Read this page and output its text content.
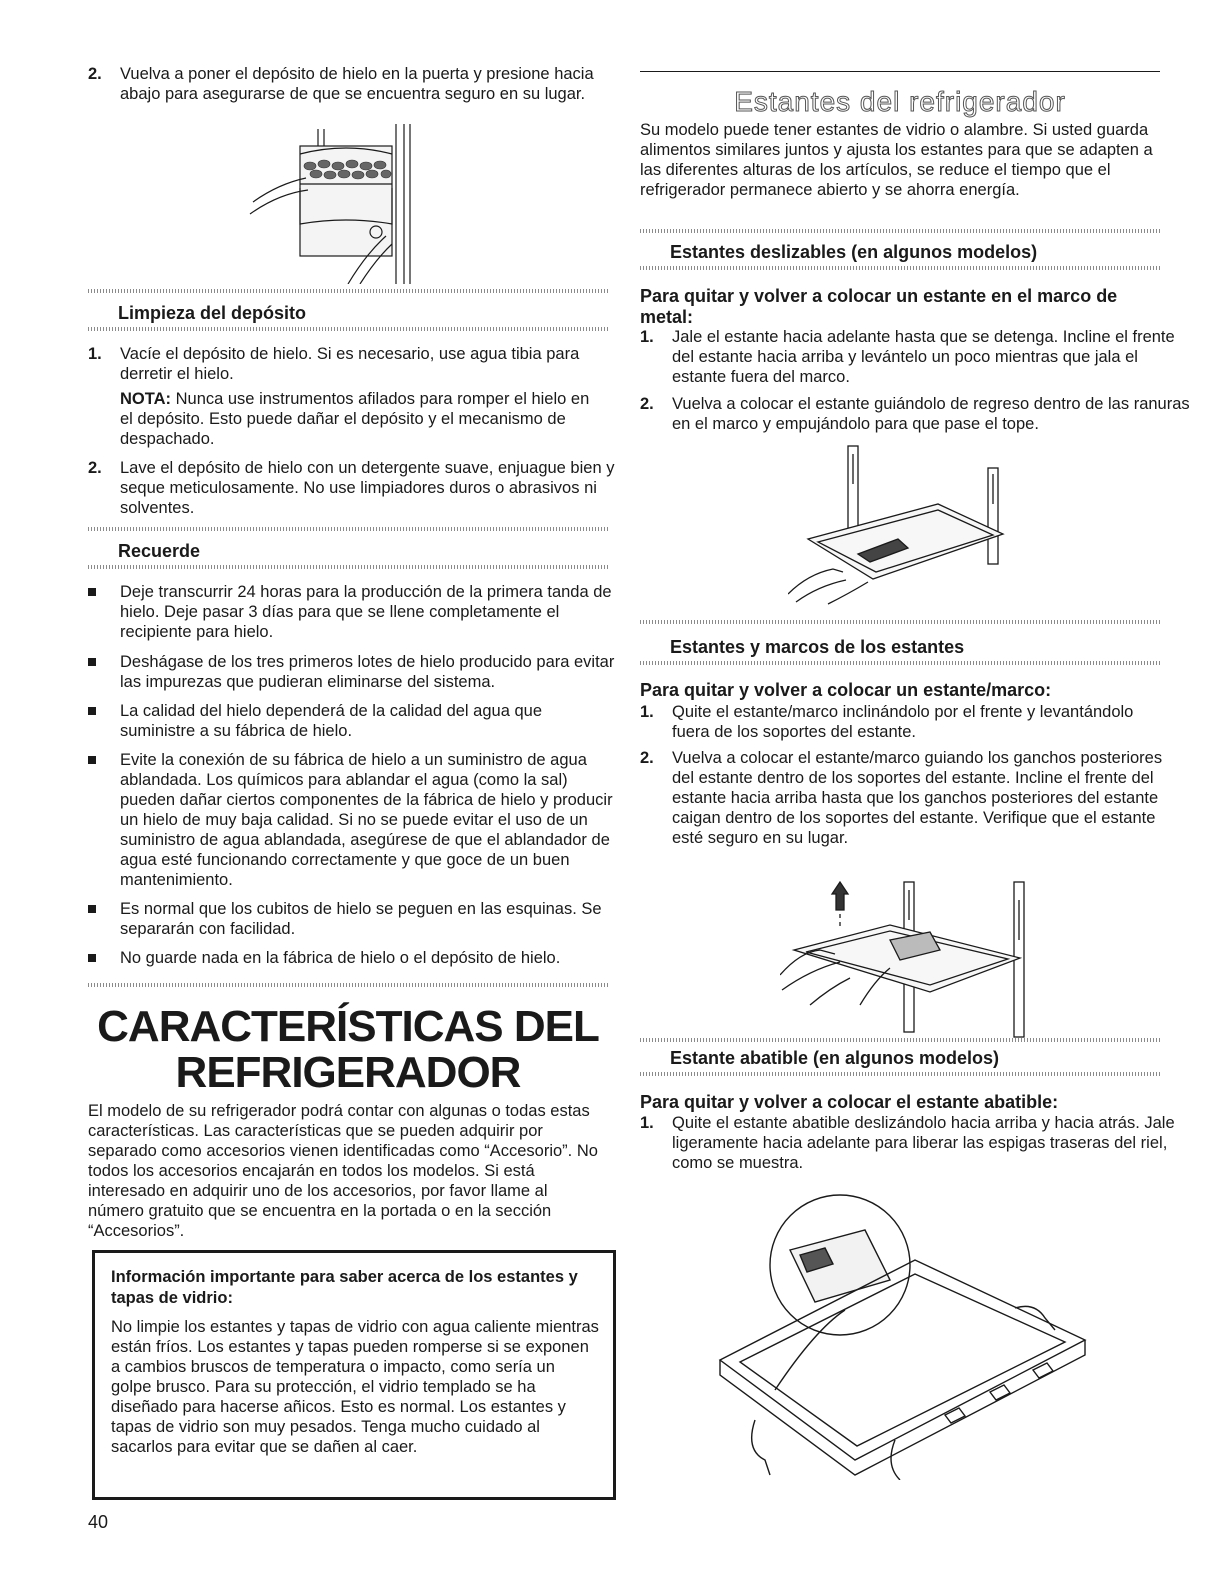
2. Vuelva a poner el depósito de hielo en la puerta y presione hacia abajo para asegurarse de que se encuentra seguro en su lugar.
Limpieza del depósito
1. Vacíe el depósito de hielo. Si es necesario, use agua tibia para derretir el hielo.
NOTA: Nunca use instrumentos afilados para romper el hielo en el depósito. Esto puede dañar el depósito y el mecanismo de despachado.
2. Lave el depósito de hielo con un detergente suave, enjuague bien y seque meticulosamente. No use limpiadores duros o abrasivos ni solventes.
Recuerde
Deje transcurrir 24 horas para la producción de la primera tanda de hielo. Deje pasar 3 días para que se llene completamente el recipiente para hielo.
Deshágase de los tres primeros lotes de hielo producido para evitar las impurezas que pudieran eliminarse del sistema.
La calidad del hielo dependerá de la calidad del agua que suministre a su fábrica de hielo.
Evite la conexión de su fábrica de hielo a un suministro de agua ablandada. Los químicos para ablandar el agua (como la sal) pueden dañar ciertos componentes de la fábrica de hielo y producir un hielo de muy baja calidad. Si no se puede evitar el uso de un suministro de agua ablandada, asegúrese de que el ablandador de agua esté funcionando correctamente y que goce de un buen mantenimiento.
Es normal que los cubitos de hielo se peguen en las esquinas. Se separarán con facilidad.
No guarde nada en la fábrica de hielo o el depósito de hielo.
CARACTERÍSTICAS DEL
REFRIGERADOR
El modelo de su refrigerador podrá contar con algunas o todas estas características. Las características que se pueden adquirir por separado como accesorios vienen identificadas como “Accesorio”. No todos los accesorios encajarán en todos los modelos. Si está interesado en adquirir uno de los accesorios, por favor llame al número gratuito que se encuentra en la portada o en la sección “Accesorios”.
Información importante para saber acerca de los estantes y tapas de vidrio:
No limpie los estantes y tapas de vidrio con agua caliente mientras están fríos. Los estantes y tapas pueden romperse si se exponen a cambios bruscos de temperatura o impacto, como sería un golpe brusco. Para su protección, el vidrio templado se ha diseñado para hacerse añicos. Esto es normal. Los estantes y tapas de vidrio son muy pesados. Tenga mucho cuidado al sacarlos para evitar que se dañen al caer.
40
Estantes del refrigerador
Su modelo puede tener estantes de vidrio o alambre. Si usted guarda alimentos similares juntos y ajusta los estantes para que se adapten a las diferentes alturas de los artículos, se reduce el tiempo que el refrigerador permanece abierto y se ahorra energía.
Estantes deslizables (en algunos modelos)
Para quitar y volver a colocar un estante en el marco de metal:
1. Jale el estante hacia adelante hasta que se detenga. Incline el frente del estante hacia arriba y levántelo un poco mientras que jala el estante fuera del marco.
2. Vuelva a colocar el estante guiándolo de regreso dentro de las ranuras en el marco y empujándolo para que pase el tope.
Estantes y marcos de los estantes
Para quitar y volver a colocar un estante/marco:
1. Quite el estante/marco inclinándolo por el frente y levantándolo fuera de los soportes del estante.
2. Vuelva a colocar el estante/marco guiando los ganchos posteriores del estante dentro de los soportes del estante. Incline el frente del estante hacia arriba hasta que los ganchos posteriores del estante caigan dentro de los soportes del estante. Verifique que el estante esté seguro en su lugar.
Estante abatible (en algunos modelos)
Para quitar y volver a colocar el estante abatible:
1. Quite el estante abatible deslizándolo hacia arriba y hacia atrás. Jale ligeramente hacia adelante para liberar las espigas traseras del riel, como se muestra.
